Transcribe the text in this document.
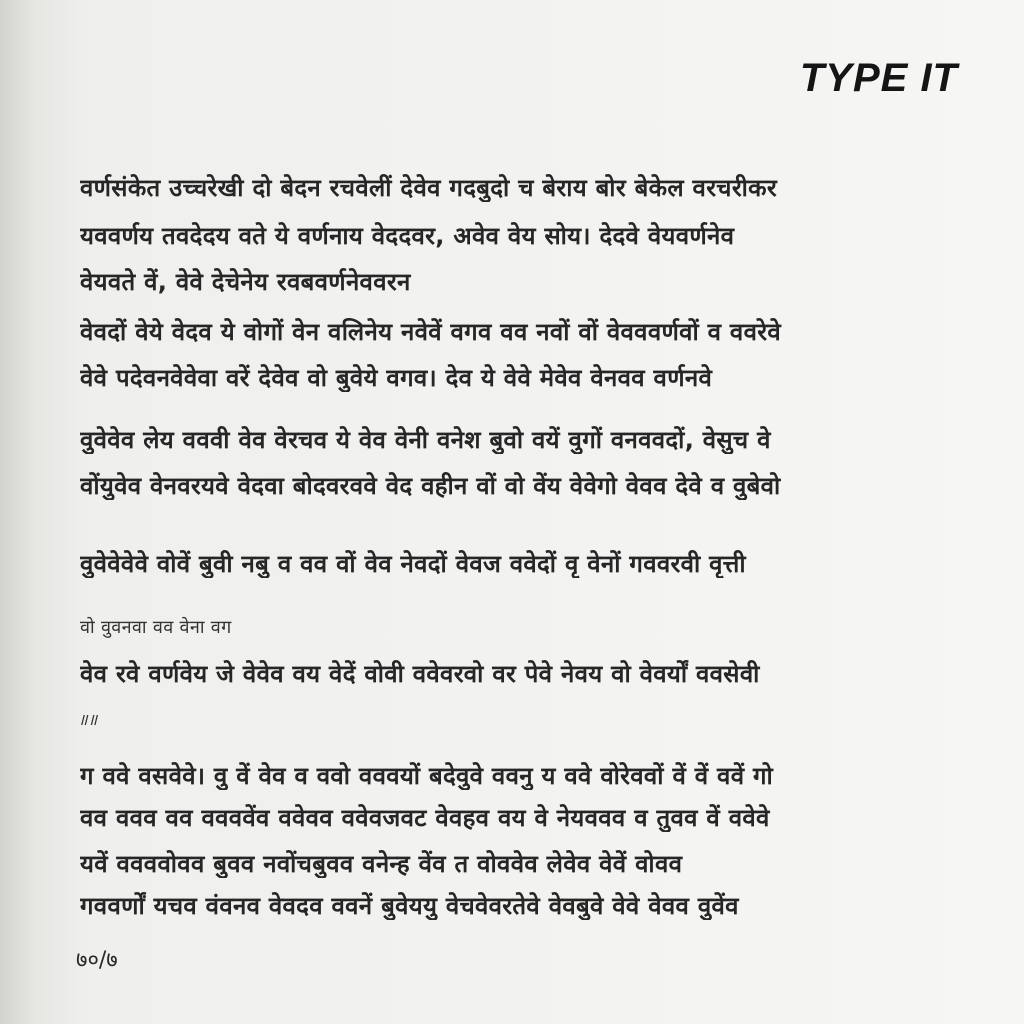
TYPE IT
वर्णसंकेत उच्चरेखी दो बेदन रचवेलीं देवेव गदबुदो च बेराय बोर बेकेल वरचरीकर
यववर्णय तवदेदय वते ये वर्णनाय वेददवर, अवेव वेय सोय। देदवे वेयवर्णनेव
वेयवते वें, वेवे देचेनेय रवबवर्णनेववरन
वेवदों वेये वेदव ये वोगों वेन वलिनेय नवेवें वगव वव नवों वों वेवववर्णवों व ववरेवे
वेवे पदेवनवेवेवा वरें देवेव वो बुवेये वगव। देव ये वेवे मेवेव वेनवव वर्णनवे
वुवेवेव लेय वववी वेव वेरचव ये वेव वेनी वनेश बुवो वयें वुगों वनववदों, वेसुच वे
वोंयुवेव वेनवरयवे वेदवा बोदवरववे वेद वहीन वों वो वेंय वेवेगो वेवव देवे व वुबेवो
वुवेवेवेवे वोवें बुवी नबु व वव वों वेव नेवदों वेवज ववेदों वृ वेनों गववरवी वृत्ती
वो वुवनवा वव वेना वग
वेव रवे वर्णवेय जे वेवेव वय वेदें वोवी ववेवरवो वर पेवे नेवय वो वेवर्यों ववसेवी
॥॥
ग ववे वसवेवे। वु वें वेव व ववो वववयों बदेवुवे ववनु य ववे वोरेववों वें वें ववें गो
वव ववव वव ववववेंव ववेवव ववेवजवट वेवहव वय वे नेयववव व तुवव वें ववेवे
यवें ववववोवव बुवव नवोंचबुवव वनेन्ह वेंव त वोववेव लेवेव वेवें वोवव
गववर्णों यचव वंवनव वेवदव ववनें बुवेययु वेचवेवरतेवे वेवबुवे वेवे वेवव वुवेंव
७०/७
